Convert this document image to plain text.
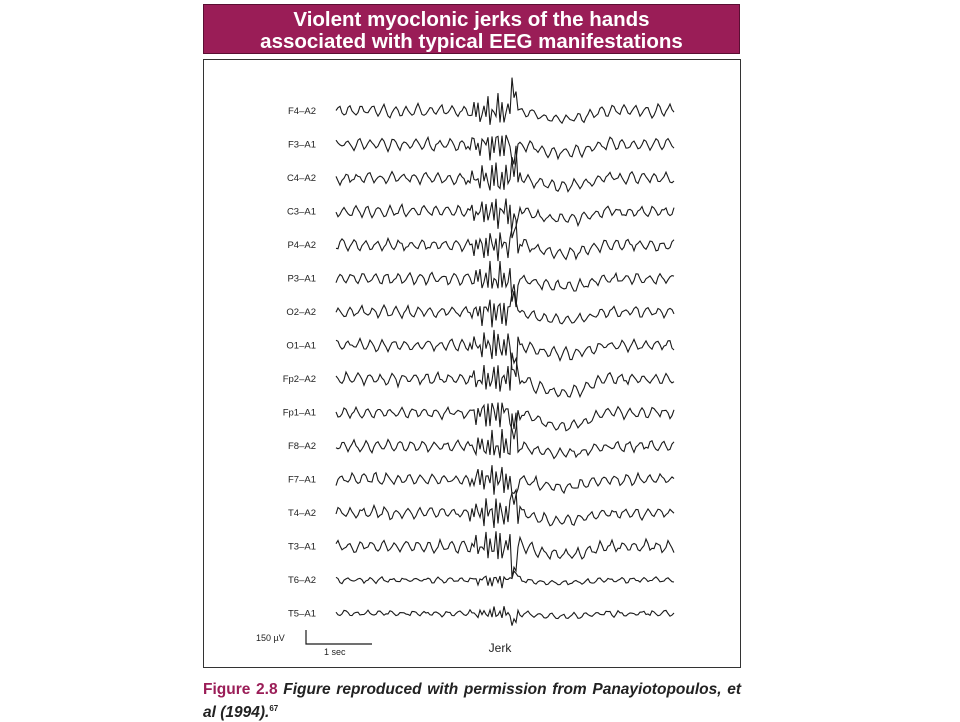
Violent myoclonic jerks of the hands
associated with typical EEG manifestations
F4–A2
F3–A1
C4–A2
C3–A1
P4–A2
P3–A1
O2–A2
O1–A1
Fp2–A2
Fp1–A1
F8–A2
F7–A1
T4–A2
T3–A1
T6–A2
T5–A1
150 µV
1 sec	Jerk
Figure 2.8 Figure reproduced with permission from Panayiotopoulos, et al (1994).$^{67}$
